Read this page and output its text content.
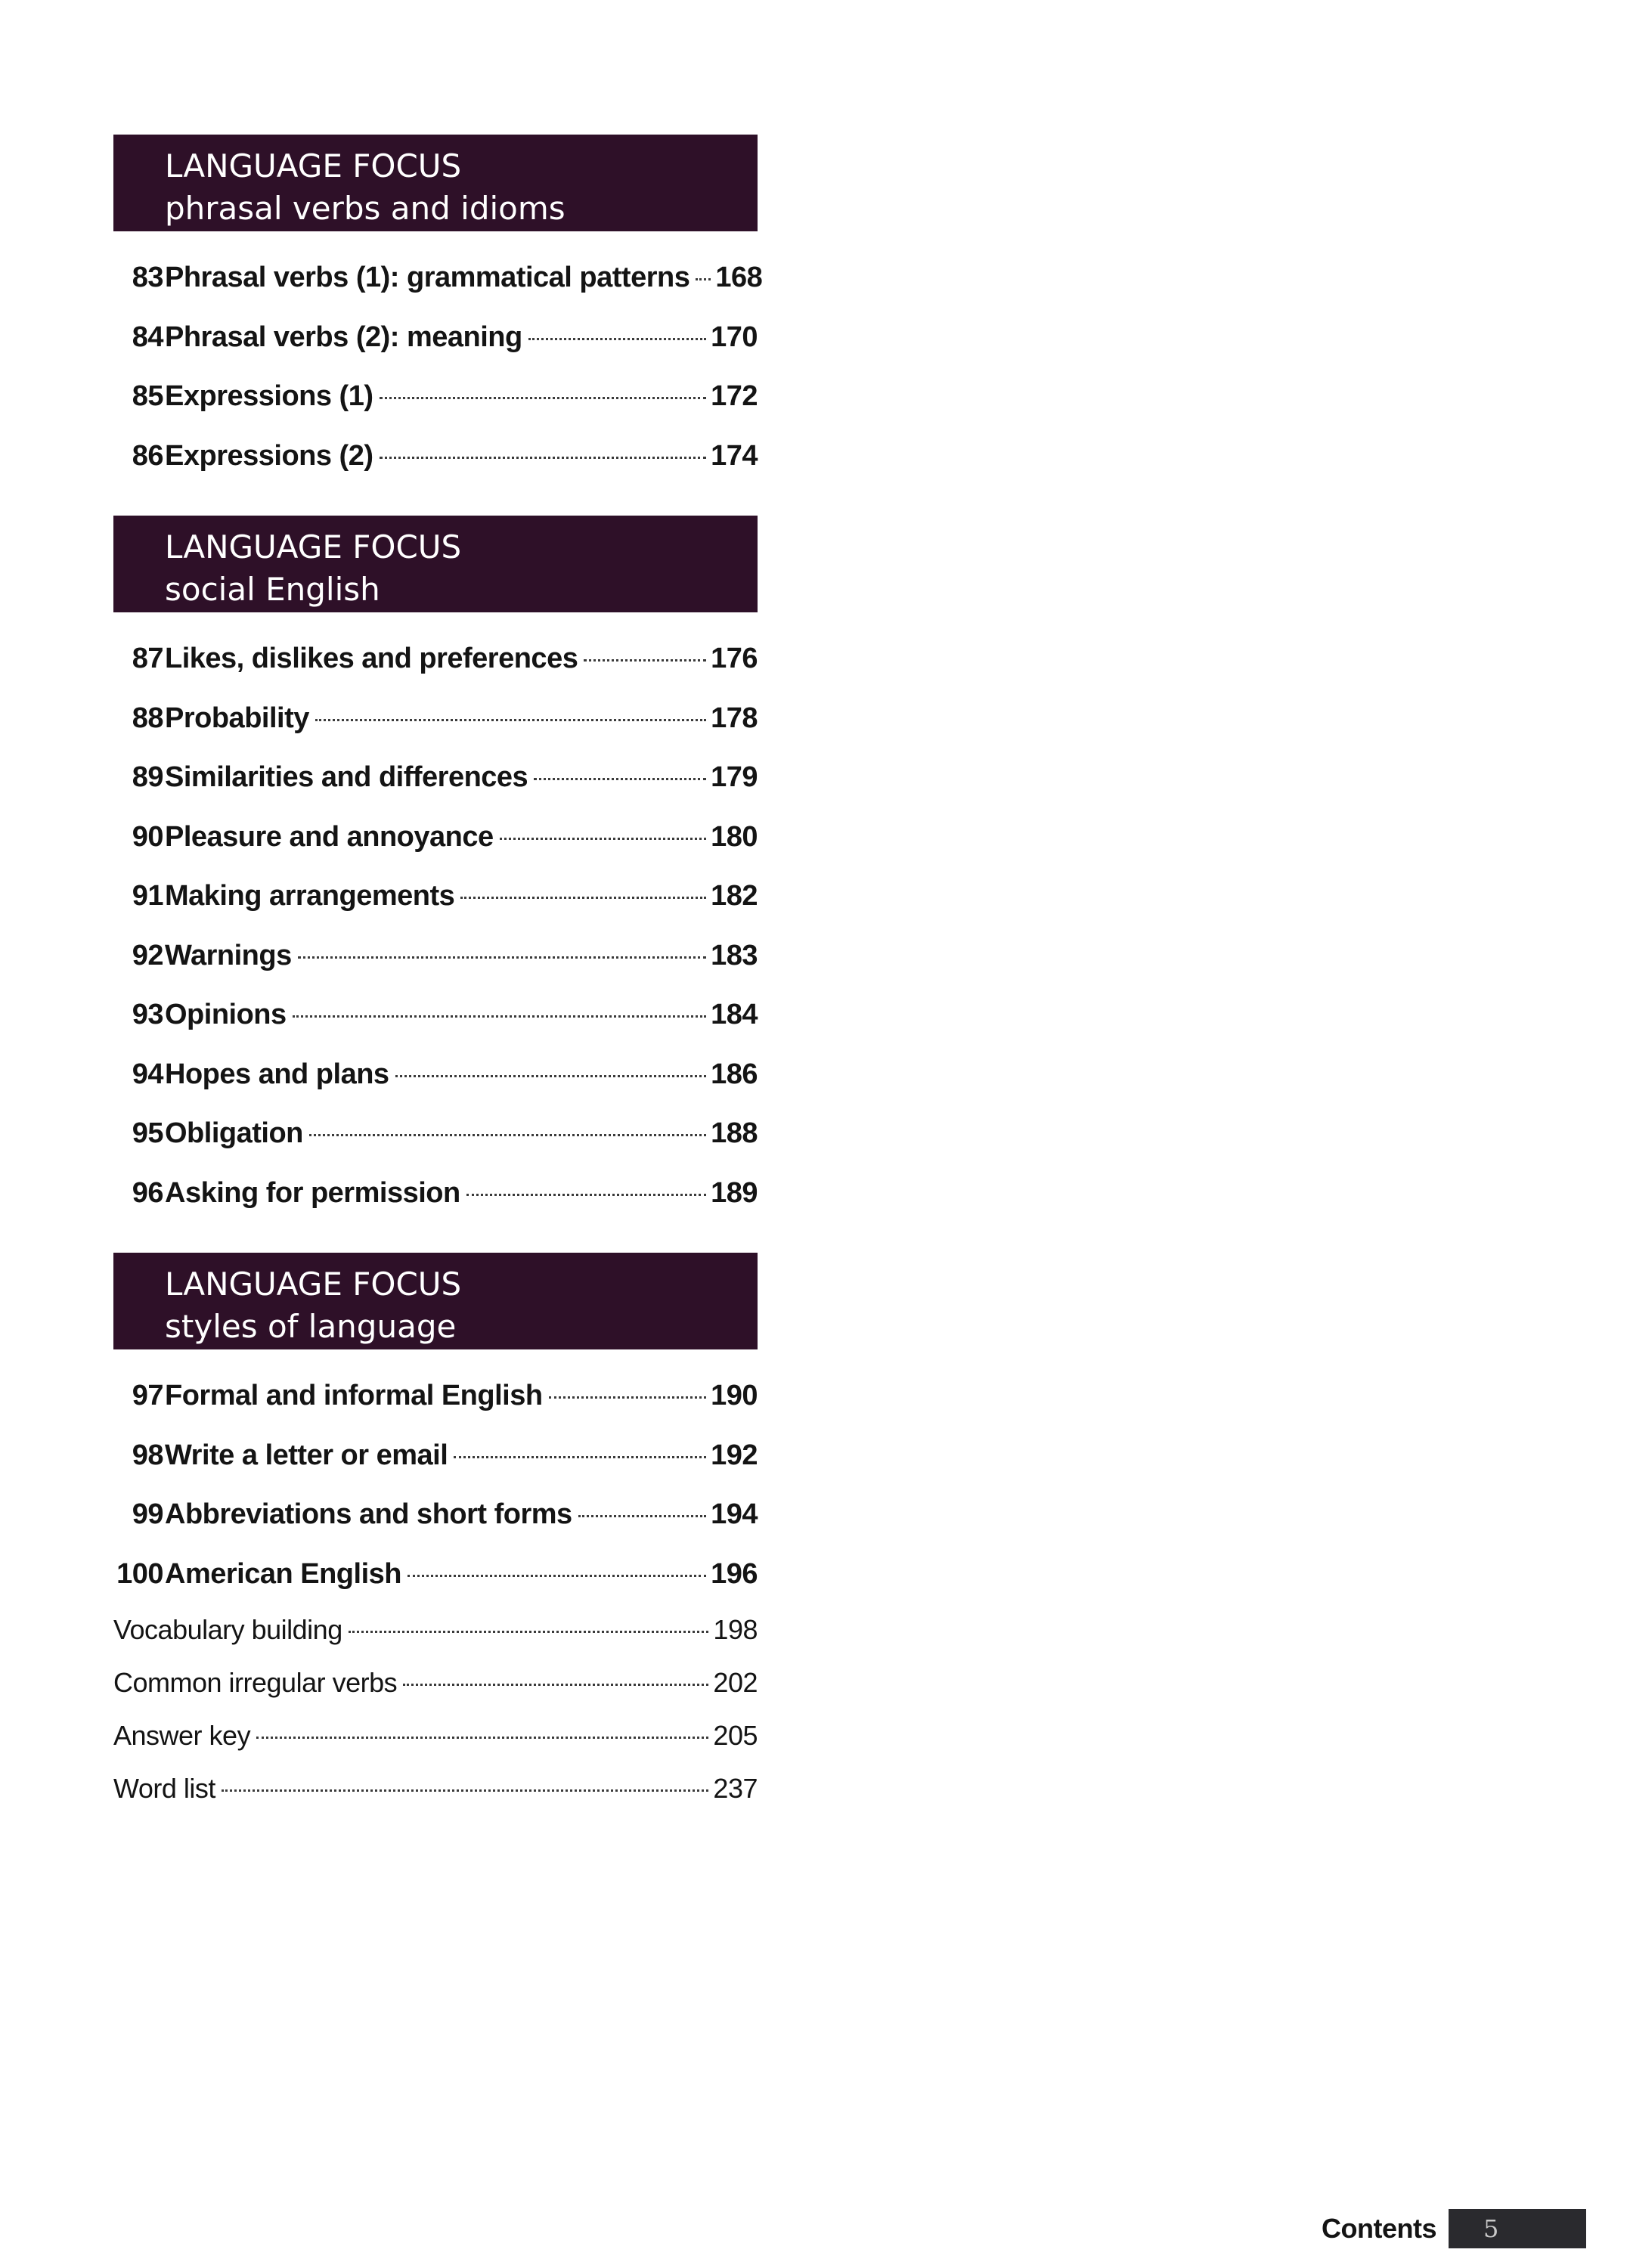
LANGUAGE FOCUS
phrasal verbs and idioms
83 Phrasal verbs (1): grammatical patterns 168
84 Phrasal verbs (2): meaning	170
85 Expressions (1)	172
86 Expressions (2)	174
LANGUAGE FOCUS
social English
87 Likes, dislikes and preferences	176
88 Probability	178
89 Similarities and differences	179
90 Pleasure and annoyance	180
91 Making arrangements	182
92 Warnings	183
93 Opinions	184
94 Hopes and plans	186
95 Obligation	188
96 Asking for permission	189
LANGUAGE FOCUS
styles of language
97 Formal and informal English	190
98 Write a letter or email	192
99 Abbreviations and short forms	194
100 American English	196
Vocabulary building	198
Common irregular verbs	202
Answer key	205
Word list	237
Contents	5
